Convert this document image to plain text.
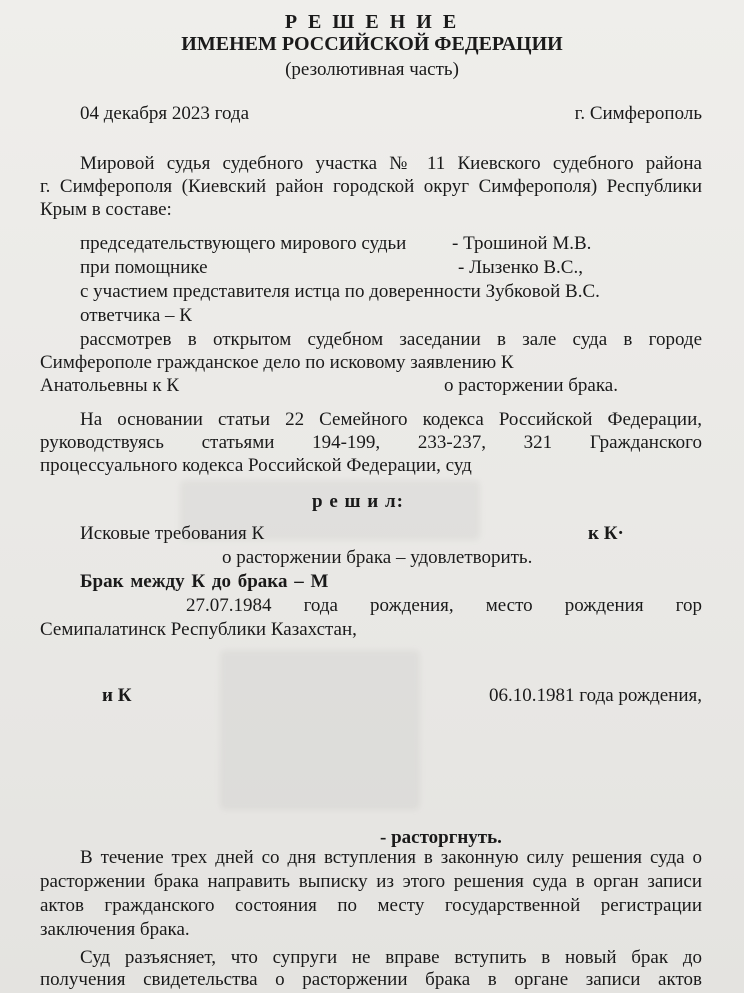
Р Е Ш Е Н И Е

ИМЕНЕМ РОССИЙСКОЙ ФЕДЕРАЦИИ

(резолютивная часть)

04 декабря 2023 года	г. Симферополь

Мировой судья судебного участка № 11 Киевского судебного района

г. Симферополя (Киевский район городской округ Симферополя) Республики

Крым в составе:

председательствующего мирового судьи - Трошиной М.В.

при помощнике	- Лызенко В.С.,

с участием представителя истца по доверенности Зубковой В.С.

ответчика – К

рассмотрев в открытом судебном заседании в зале суда в городе

Симферополе гражданское дело по исковому заявлению К

Анатольевны к К	о расторжении брака.

На основании статьи 22 Семейного кодекса Российской Федерации,

руководствуясь статьями 194-199, 233-237, 321 Гражданского

процессуального кодекса Российской Федерации, суд

р е ш и л:

Исковые требования К	к К·

о расторжении брака – удовлетворить.

Брак между К до брака – М

27.07.1984 года рождения, место рождения гор

Семипалатинск Республики Казахстан,

и К	06.10.1981 года рождения,

- расторгнуть.

В течение трех дней со дня вступления в законную силу решения суда о

расторжении брака направить выписку из этого решения суда в орган записи

актов гражданского состояния по месту государственной регистрации

заключения брака.

Суд разъясняет, что супруги не вправе вступить в новый брак до

получения свидетельства о расторжении брака в органе записи актов
